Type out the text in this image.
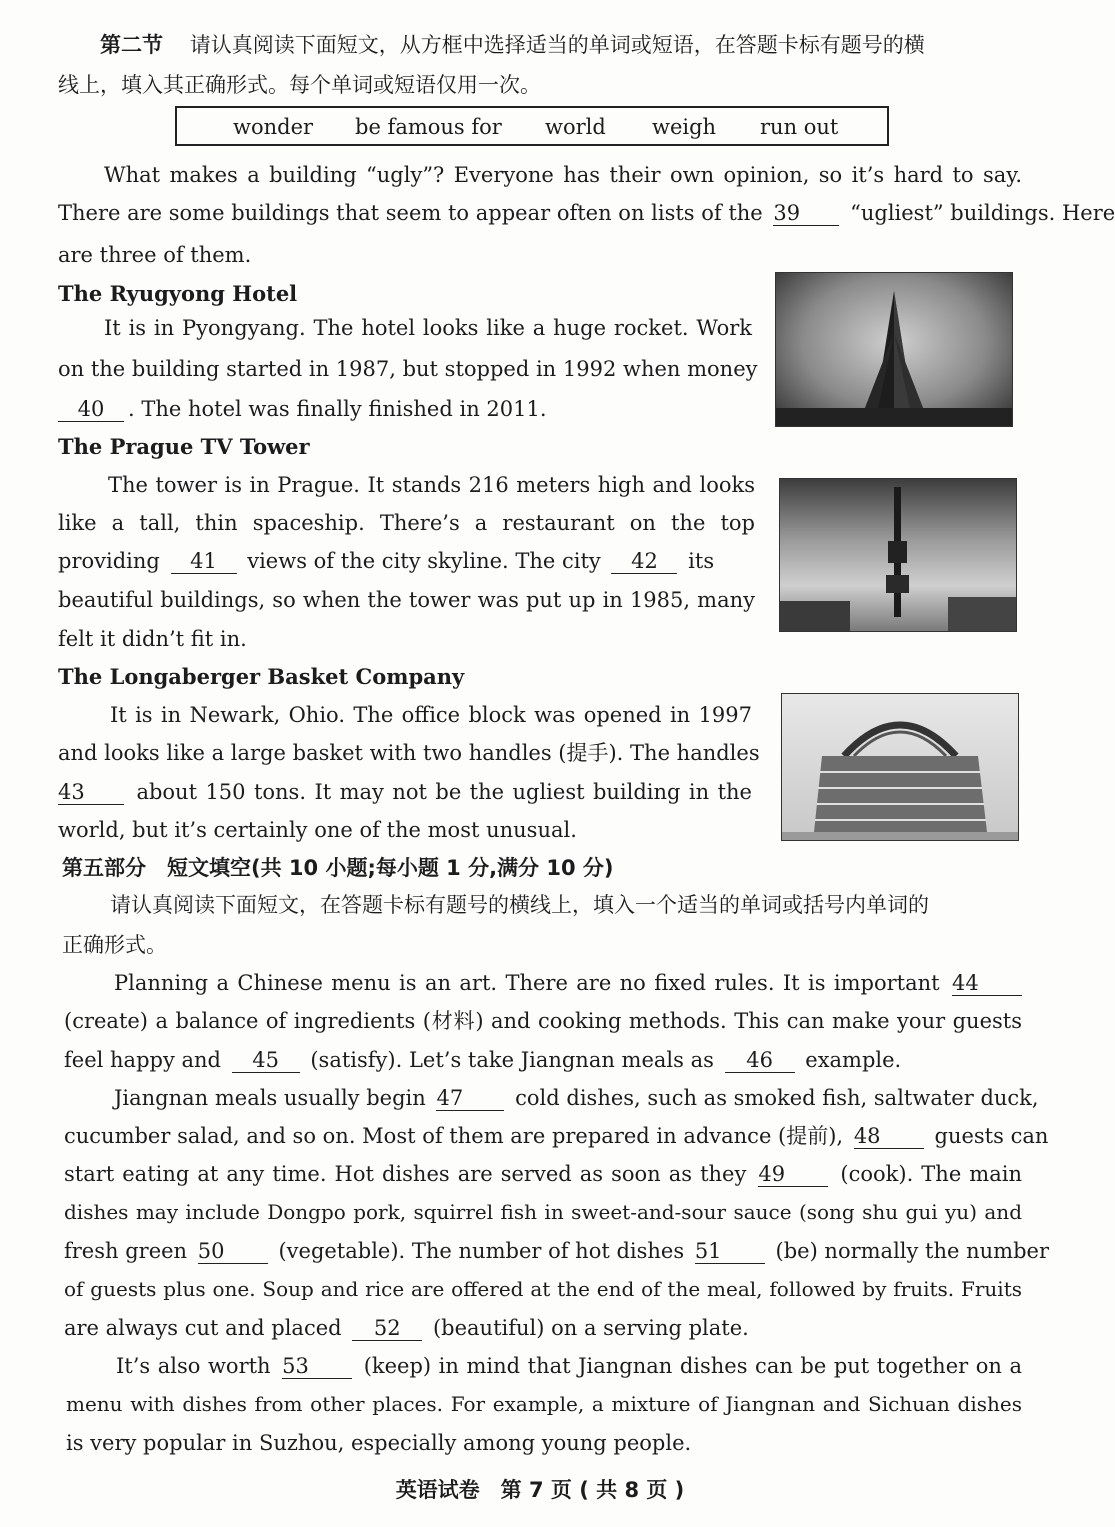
第二节 请认真阅读下面短文，从方框中选择适当的单词或短语，在答题卡标有题号的横
线上，填入其正确形式。每个单词或短语仅用一次。
wonder be famous for world weigh run out
What makes a building “ugly”? Everyone has their own opinion, so it’s hard to say.
There are some buildings that seem to appear often on lists of the 39 “ugliest” buildings. Here
are three of them.
The Ryugyong Hotel
It is in Pyongyang. The hotel looks like a huge rocket. Work
on the building started in 1987, but stopped in 1992 when money
40 . The hotel was finally finished in 2011.
The Prague TV Tower
The tower is in Prague. It stands 216 meters high and looks
like a tall, thin spaceship. There’s a restaurant on the top
providing 41 views of the city skyline. The city 42 its
beautiful buildings, so when the tower was put up in 1985, many
felt it didn’t fit in.
The Longaberger Basket Company
It is in Newark, Ohio. The office block was opened in 1997
and looks like a large basket with two handles (提手). The handles
43 about 150 tons. It may not be the ugliest building in the
world, but it’s certainly one of the most unusual.
第五部分　短文填空(共 10 小题;每小题 1 分,满分 10 分)
请认真阅读下面短文，在答题卡标有题号的横线上，填入一个适当的单词或括号内单词的
正确形式。
Planning a Chinese menu is an art. There are no fixed rules. It is important 44
(create) a balance of ingredients (材料) and cooking methods. This can make your guests
feel happy and 45 (satisfy). Let’s take Jiangnan meals as 46 example.
Jiangnan meals usually begin 47 cold dishes, such as smoked fish, saltwater duck,
cucumber salad, and so on. Most of them are prepared in advance (提前), 48	guests can
start eating at any time. Hot dishes are served as soon as they 49	(cook). The main
dishes may include Dongpo pork, squirrel fish in sweet-and-sour sauce (song shu gui yu) and
fresh green 50	(vegetable). The number of hot dishes 51	(be) normally the number
of guests plus one. Soup and rice are offered at the end of the meal, followed by fruits. Fruits
are always cut and placed 52 (beautiful) on a serving plate.
It’s also worth 53	(keep) in mind that Jiangnan dishes can be put together on a
menu with dishes from other places. For example, a mixture of Jiangnan and Sichuan dishes
is very popular in Suzhou, especially among young people.
英语试卷　第 7 页 ( 共 8 页 )
